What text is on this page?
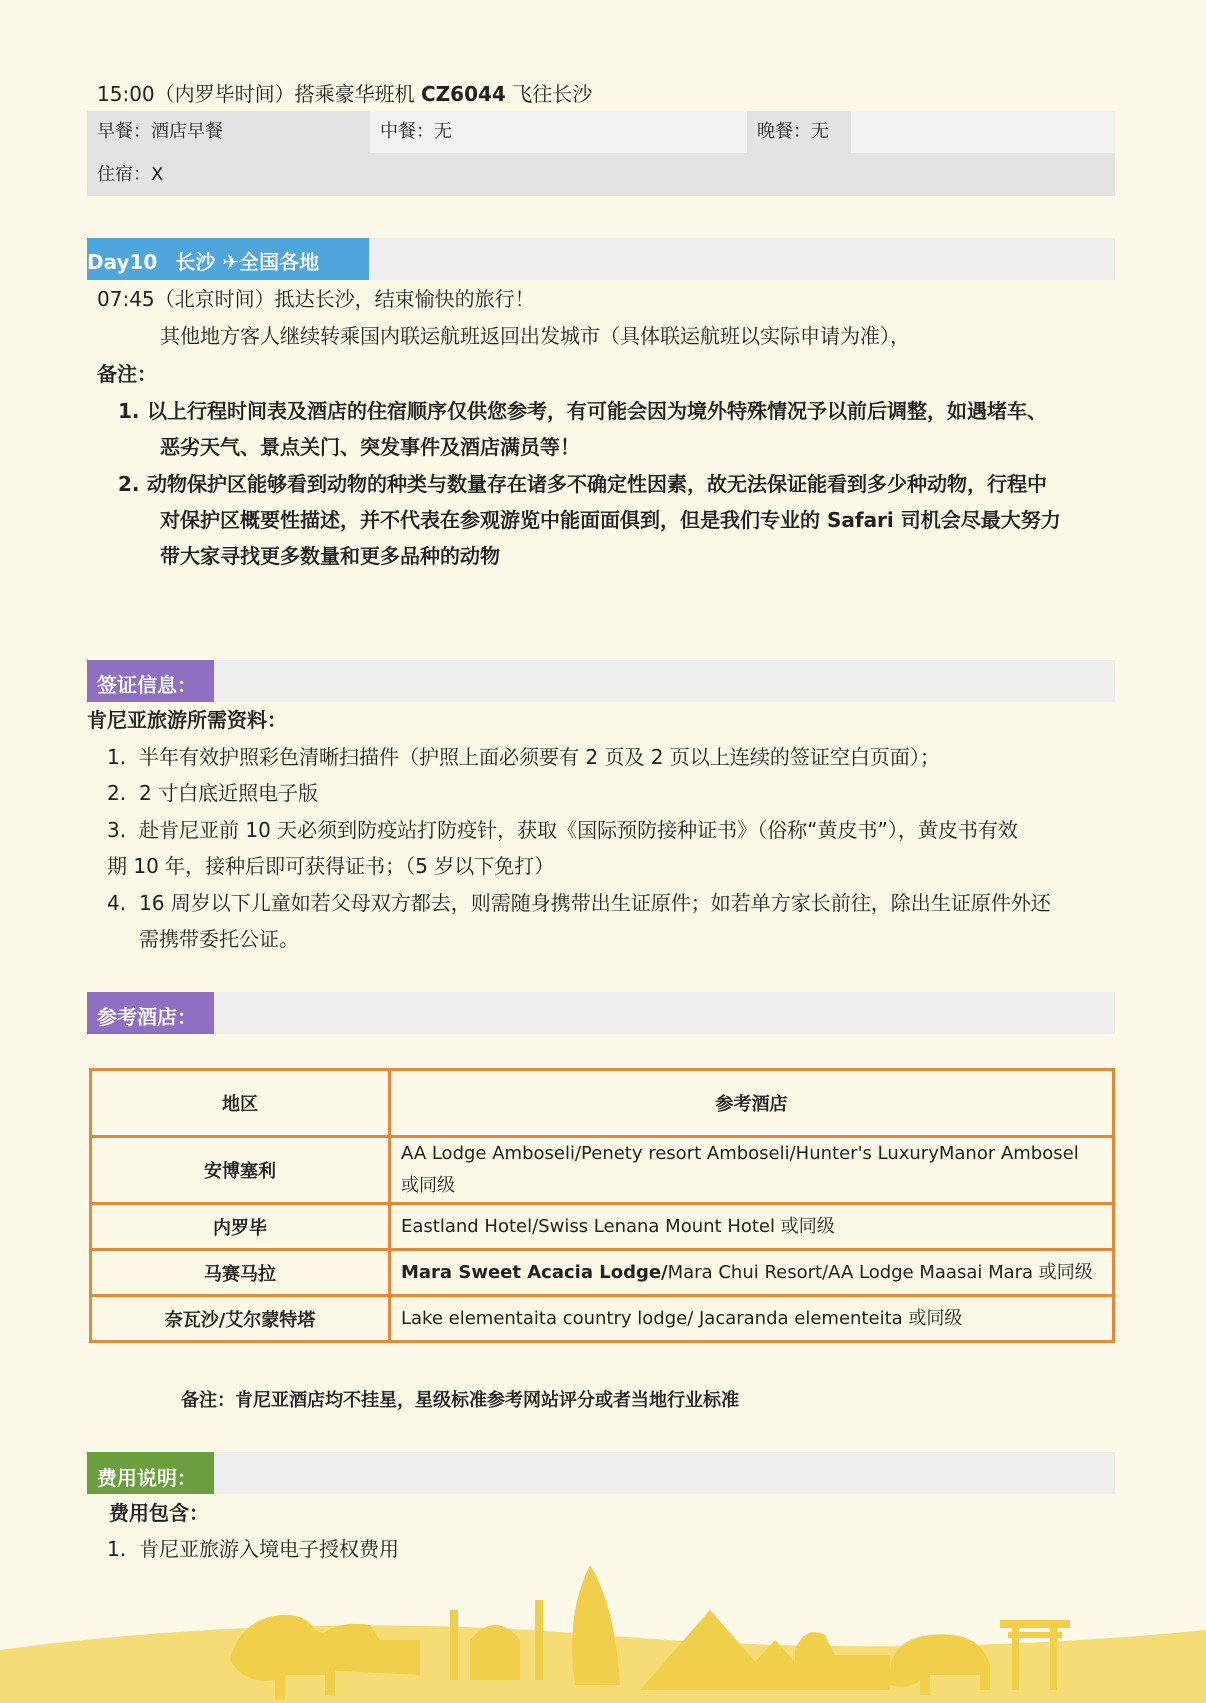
15:00（内罗毕时间）搭乘豪华班机 CZ6044 飞往长沙
早餐：酒店早餐	中餐：无	晚餐：无
住宿：X
Day10 长沙 ✈全国各地
07:45（北京时间）抵达长沙，结束愉快的旅行！
其他地方客人继续转乘国内联运航班返回出发城市（具体联运航班以实际申请为准），
备注：
1. 以上行程时间表及酒店的住宿顺序仅供您参考，有可能会因为境外特殊情况予以前后调整，如遇堵车、
恶劣天气、景点关门、突发事件及酒店满员等！
2. 动物保护区能够看到动物的种类与数量存在诸多不确定性因素，故无法保证能看到多少种动物，行程中
对保护区概要性描述，并不代表在参观游览中能面面俱到，但是我们专业的 Safari 司机会尽最大努力
带大家寻找更多数量和更多品种的动物
签证信息：
肯尼亚旅游所需资料：
1. 半年有效护照彩色清晰扫描件（护照上面必须要有 2 页及 2 页以上连续的签证空白页面）；
2. 2 寸白底近照电子版
3. 赴肯尼亚前 10 天必须到防疫站打防疫针，获取《国际预防接种证书》（俗称“黄皮书”），黄皮书有效
期 10 年，接种后即可获得证书；（5 岁以下免打）
4. 16 周岁以下儿童如若父母双方都去，则需随身携带出生证原件；如若单方家长前往，除出生证原件外还
需携带委托公证。
参考酒店：
地区	参考酒店
安博塞利	AA Lodge Amboseli/Penety resort Amboseli/Hunter's LuxuryManor Ambosel 或同级
内罗毕	Eastland Hotel/Swiss Lenana Mount Hotel 或同级
马赛马拉	Mara Sweet Acacia Lodge/Mara Chui Resort/AA Lodge Maasai Mara 或同级
奈瓦沙/艾尔蒙特塔	Lake elementaita country lodge/ Jacaranda elementeita 或同级
备注：肯尼亚酒店均不挂星，星级标准参考网站评分或者当地行业标准
费用说明：
费用包含：
1. 肯尼亚旅游入境电子授权费用
